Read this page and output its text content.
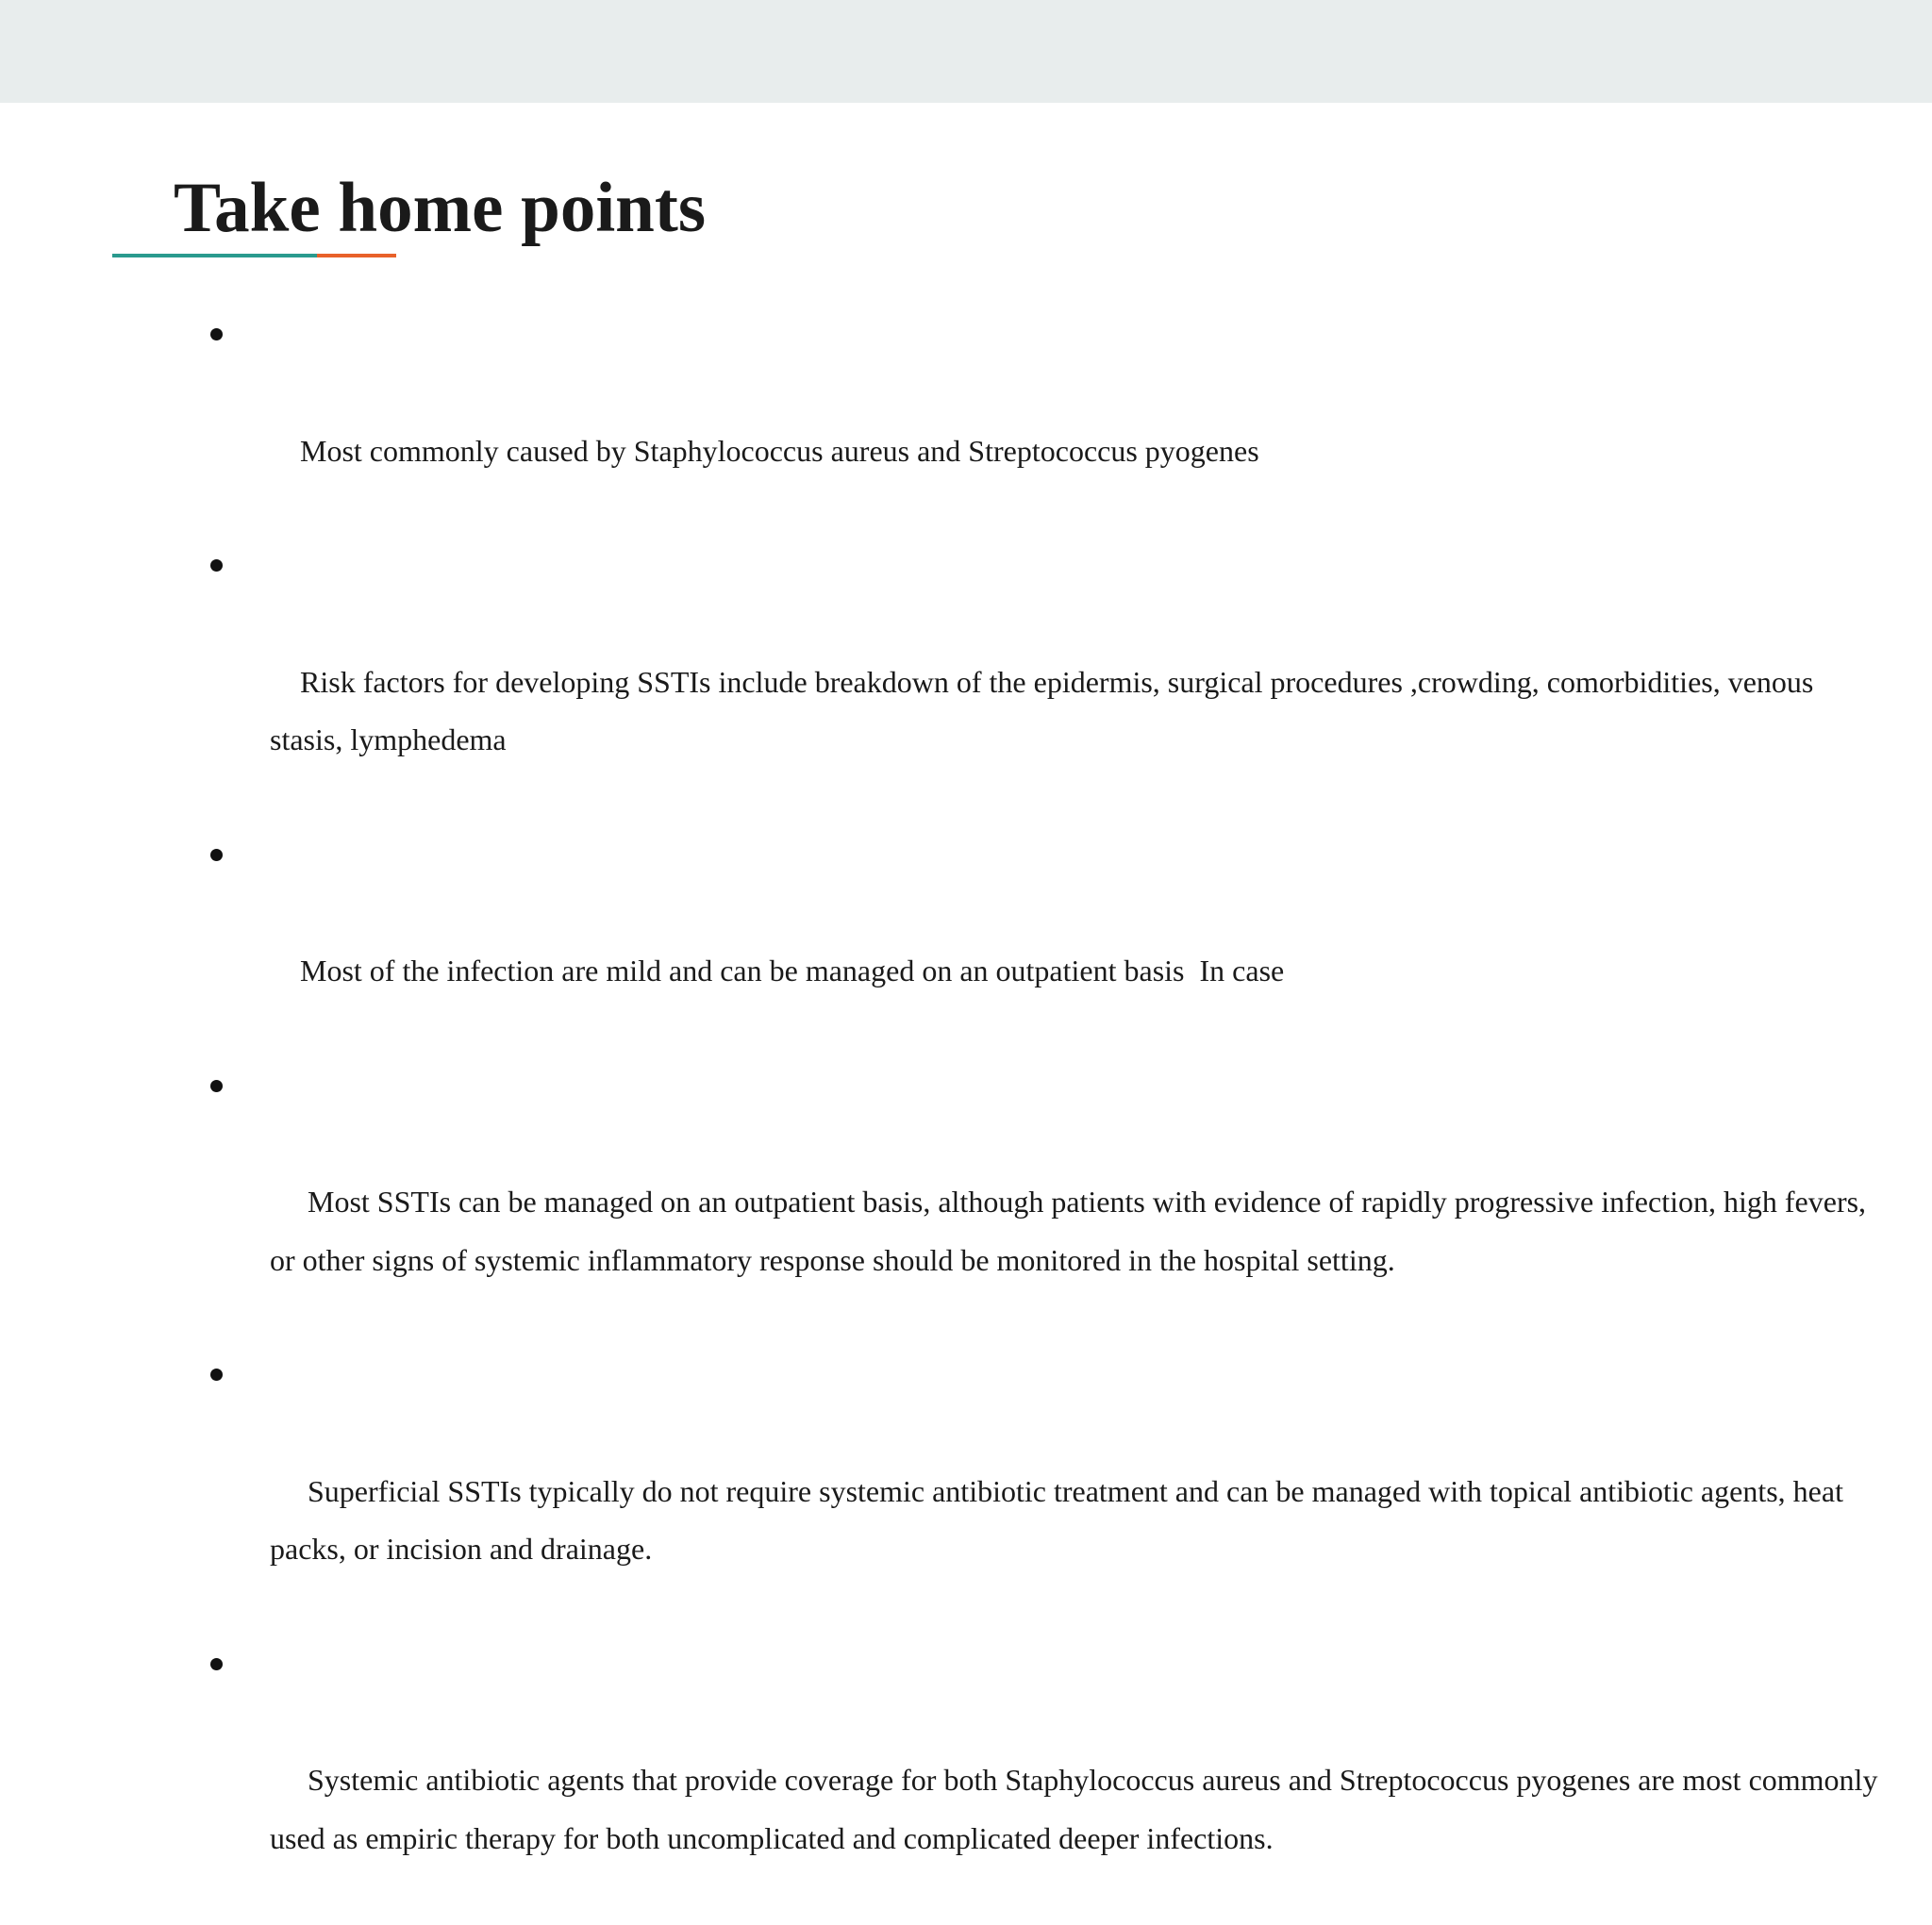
Take home points

Most commonly caused by Staphylococcus aureus and Streptococcus pyogenes

Risk factors for developing SSTIs include breakdown of the epidermis, surgical procedures ,crowding, comorbidities, venous stasis, lymphedema

Most of the infection are mild and can be managed on an outpatient basis  In case

Most SSTIs can be managed on an outpatient basis, although patients with evidence of rapidly progressive infection, high fevers, or other signs of systemic inflammatory response should be monitored in the hospital setting.

Superficial SSTIs typically do not require systemic antibiotic treatment and can be managed with topical antibiotic agents, heat packs, or incision and drainage.

Systemic antibiotic agents that provide coverage for both Staphylococcus aureus and Streptococcus pyogenes are most commonly used as empiric therapy for both uncomplicated and complicated deeper infections.
